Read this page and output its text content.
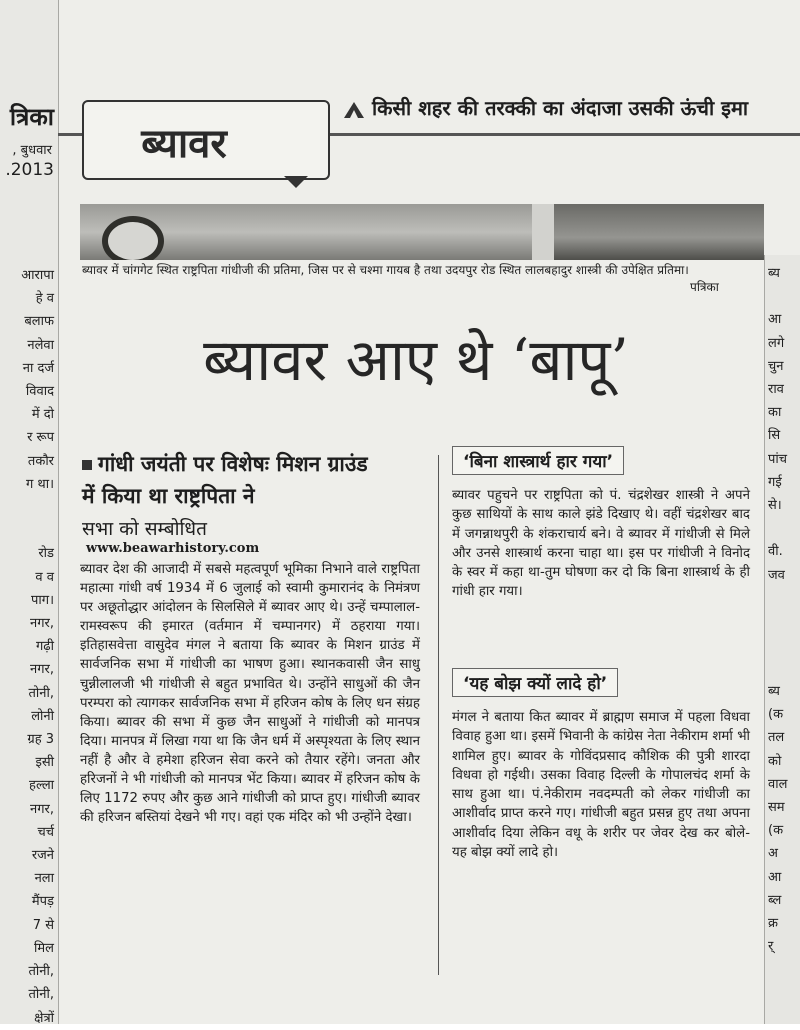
त्रिका
, बुधवार
.2013
ब्यावर
किसी शहर की तरक्की का अंदाजा उसकी ऊंची इमा
ब्यावर में चांगगेट स्थित राष्ट्रपिता गांधीजी की प्रतिमा, जिस पर से चश्मा गायब है तथा उदयपुर रोड स्थित लालबहादुर शास्त्री की उपेक्षित प्रतिमा।
पत्रिका
ब्यावर आए थे ‘बापू’
गांधी जयंती पर विशेषः मिशन ग्राउंड
में किया था राष्ट्रपिता ने
सभा को सम्बोधित
www.beawarhistory.com

ब्यावर देश की आजादी में सबसे महत्वपूर्ण भूमिका निभाने वाले राष्ट्रपिता महात्मा गांधी वर्ष 1934 में 6 जुलाई को स्वामी कुमारानंद के निमंत्रण पर अछूतोद्धार आंदोलन के सिलसिले में ब्यावर आए थे। उन्हें चम्पालाल-रामस्वरूप की इमारत (वर्तमान में चम्पानगर) में ठहराया गया। इतिहासवेत्ता वासुदेव मंगल ने बताया कि ब्यावर के मिशन ग्राउंड में सार्वजनिक सभा में गांधीजी का भाषण हुआ। स्थानकवासी जैन साधु चुन्नीलालजी भी गांधीजी से बहुत प्रभावित थे। उन्होंने साधुओं की जैन परम्परा को त्यागकर सार्वजनिक सभा में हरिजन कोष के लिए धन संग्रह किया। ब्यावर की सभा में कुछ जैन साधुओं ने गांधीजी को मानपत्र दिया। मानपत्र में लिखा गया था कि जैन धर्म में अस्पृश्यता के लिए स्थान नहीं है और वे हमेशा हरिजन सेवा करने को तैयार रहेंगे। जनता और हरिजनों ने भी गांधीजी को मानपत्र भेंट किया। ब्यावर में हरिजन कोष के लिए 1172 रुपए और कुछ आने गांधीजी को प्राप्त हुए। गांधीजी ब्यावर की हरिजन बस्तियां देखने भी गए। वहां एक मंदिर को भी उन्होंने देखा।

‘बिना शास्त्रार्थ हार गया’

ब्यावर पहुचने पर राष्ट्रपिता को पं. चंद्रशेखर शास्त्री ने अपने कुछ साथियों के साथ काले झंडे दिखाए थे। वहीं चंद्रशेखर बाद में जगन्नाथपुरी के शंकराचार्य बने। वे ब्यावर में गांधीजी से मिले और उनसे शास्त्रार्थ करना चाहा था। इस पर गांधीजी ने विनोद के स्वर में कहा था-तुम घोषणा कर दो कि बिना शास्त्रार्थ के ही गांधी हार गया।

‘यह बोझ क्यों लादे हो’

मंगल ने बताया कित ब्यावर में ब्राह्मण समाज में पहला विधवा विवाह हुआ था। इसमें भिवानी के कांग्रेस नेता नेकीराम शर्मा भी शामिल हुए। ब्यावर के गोविंदप्रसाद कौशिक की पुत्री शारदा विधवा हो गईथी। उसका विवाह दिल्ली के गोपालचंद शर्मा के साथ हुआ था। पं.नेकीराम नवदम्पती को लेकर गांधीजी का आशीर्वाद प्राप्त करने गए। गांधीजी बहुत प्रसन्न हुए तथा अपना आशीर्वाद दिया लेकिन वधू के शरीर पर जेवर देख कर बोले- यह बोझ क्यों लादे हो।

आरापा
हे व
बलाफ
नलेवा
ना दर्ज
विवाद
में दो
र रूप
तकौर
ग था।

रोड
व व
पाग।
नगर,
गढ़ी
नगर,
तोनी,
लोनी
ग्रह 3
इसी
हल्ला
नगर,
चर्च
रजने
नला
मैंपड़
7 से
मिल
तोनी,
तोनी,
क्षेत्रों
ब्य

आ
लगे
चुन
राव
का
सि
पांच
गई
से।

वी.
जव
ब्य
(क
तल
को
वाल
सम
(क
अ
आ
ब्ल
क्र
र्
